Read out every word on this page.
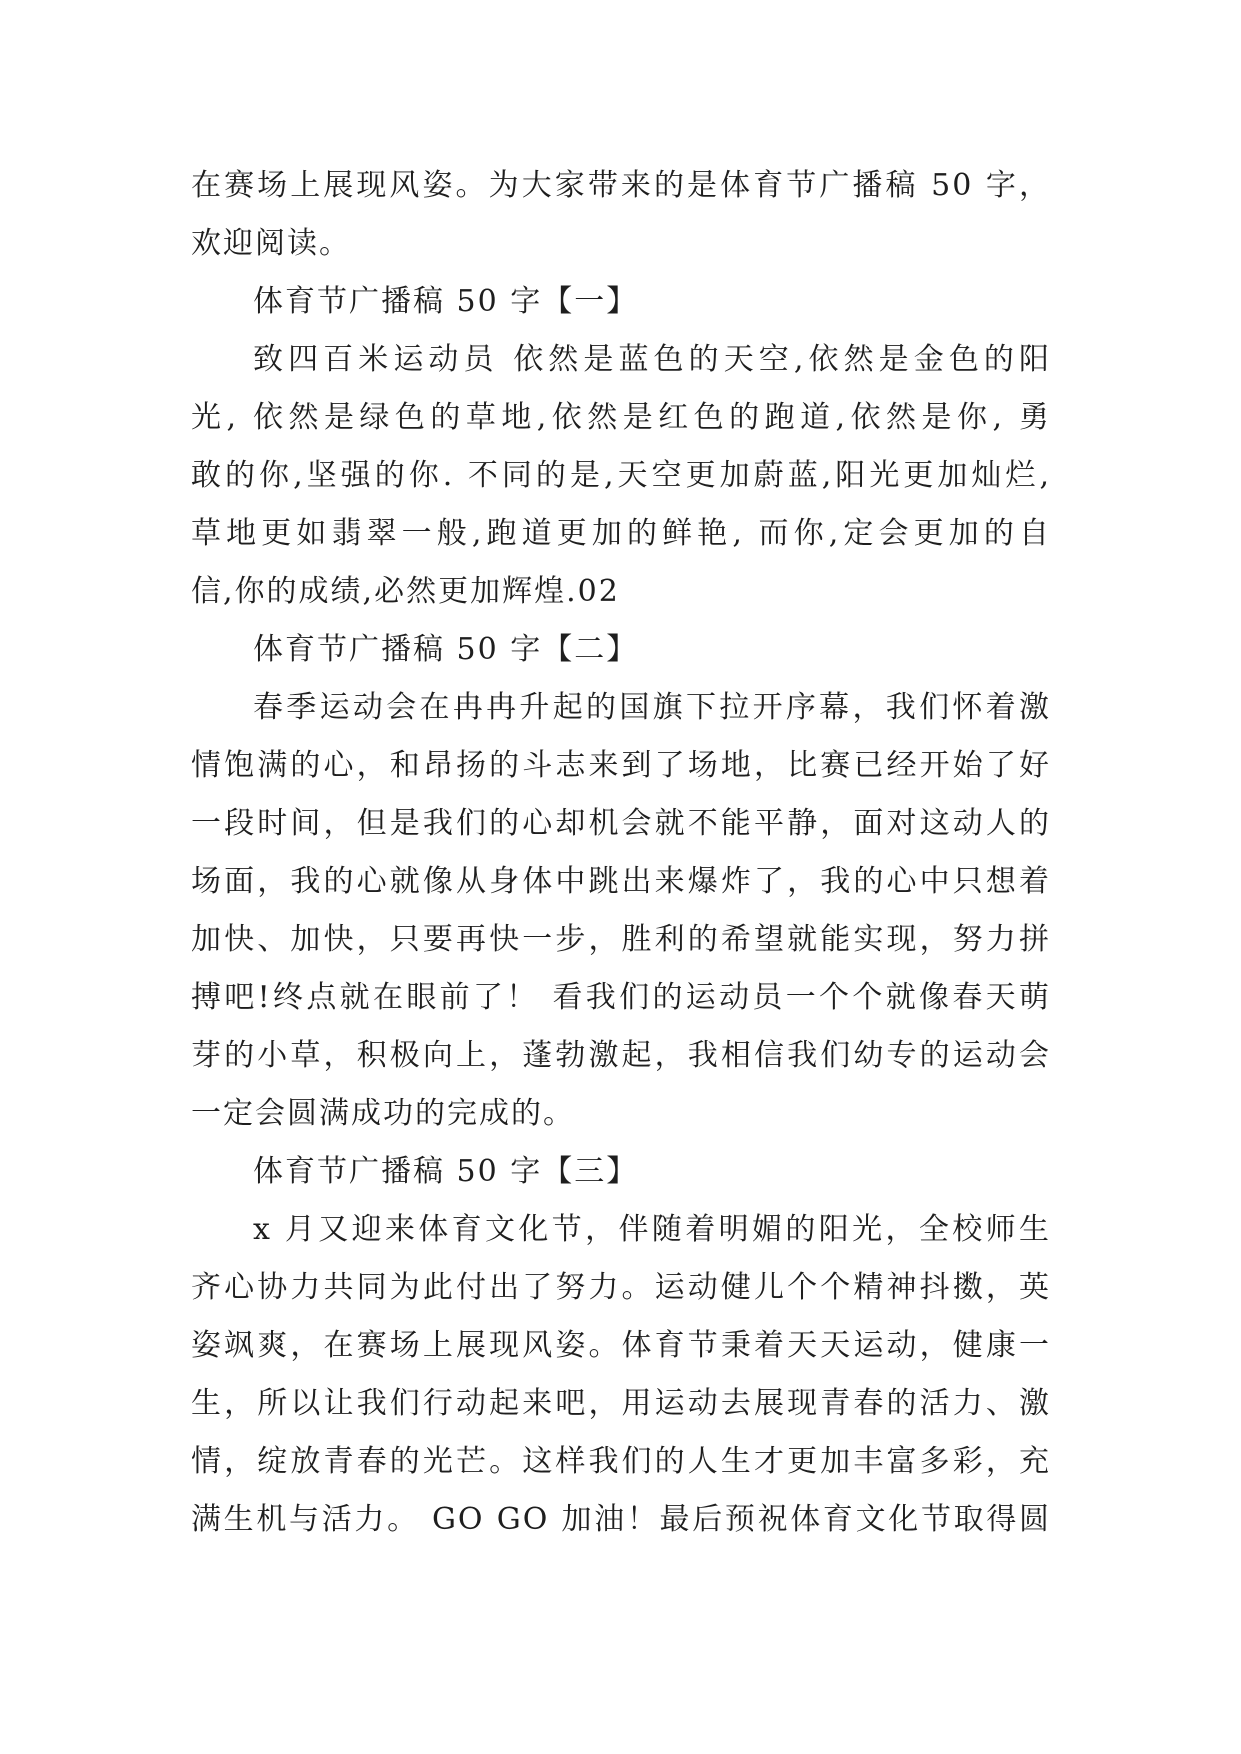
在赛场上展现风姿。为大家带来的是体育节广播稿 50 字，
欢迎阅读。
体育节广播稿 50 字【一】
致四百米运动员 依然是蓝色的天空,依然是金色的阳
光, 依然是绿色的草地,依然是红色的跑道,依然是你, 勇
敢的你,坚强的你. 不同的是,天空更加蔚蓝,阳光更加灿烂,
草地更如翡翠一般,跑道更加的鲜艳, 而你,定会更加的自
信,你的成绩,必然更加辉煌.02
体育节广播稿 50 字【二】
春季运动会在冉冉升起的国旗下拉开序幕，我们怀着激
情饱满的心，和昂扬的斗志来到了场地，比赛已经开始了好
一段时间，但是我们的心却机会就不能平静，面对这动人的
场面，我的心就像从身体中跳出来爆炸了，我的心中只想着
加快、加快，只要再快一步，胜利的希望就能实现，努力拼
搏吧!终点就在眼前了！ 看我们的运动员一个个就像春天萌
芽的小草，积极向上，蓬勃激起，我相信我们幼专的运动会
一定会圆满成功的完成的。
体育节广播稿 50 字【三】
x 月又迎来体育文化节，伴随着明媚的阳光，全校师生
齐心协力共同为此付出了努力。运动健儿个个精神抖擞，英
姿飒爽，在赛场上展现风姿。体育节秉着天天运动，健康一
生，所以让我们行动起来吧，用运动去展现青春的活力、激
情，绽放青春的光芒。这样我们的人生才更加丰富多彩，充
满生机与活力。 GO GO 加油！最后预祝体育文化节取得圆
